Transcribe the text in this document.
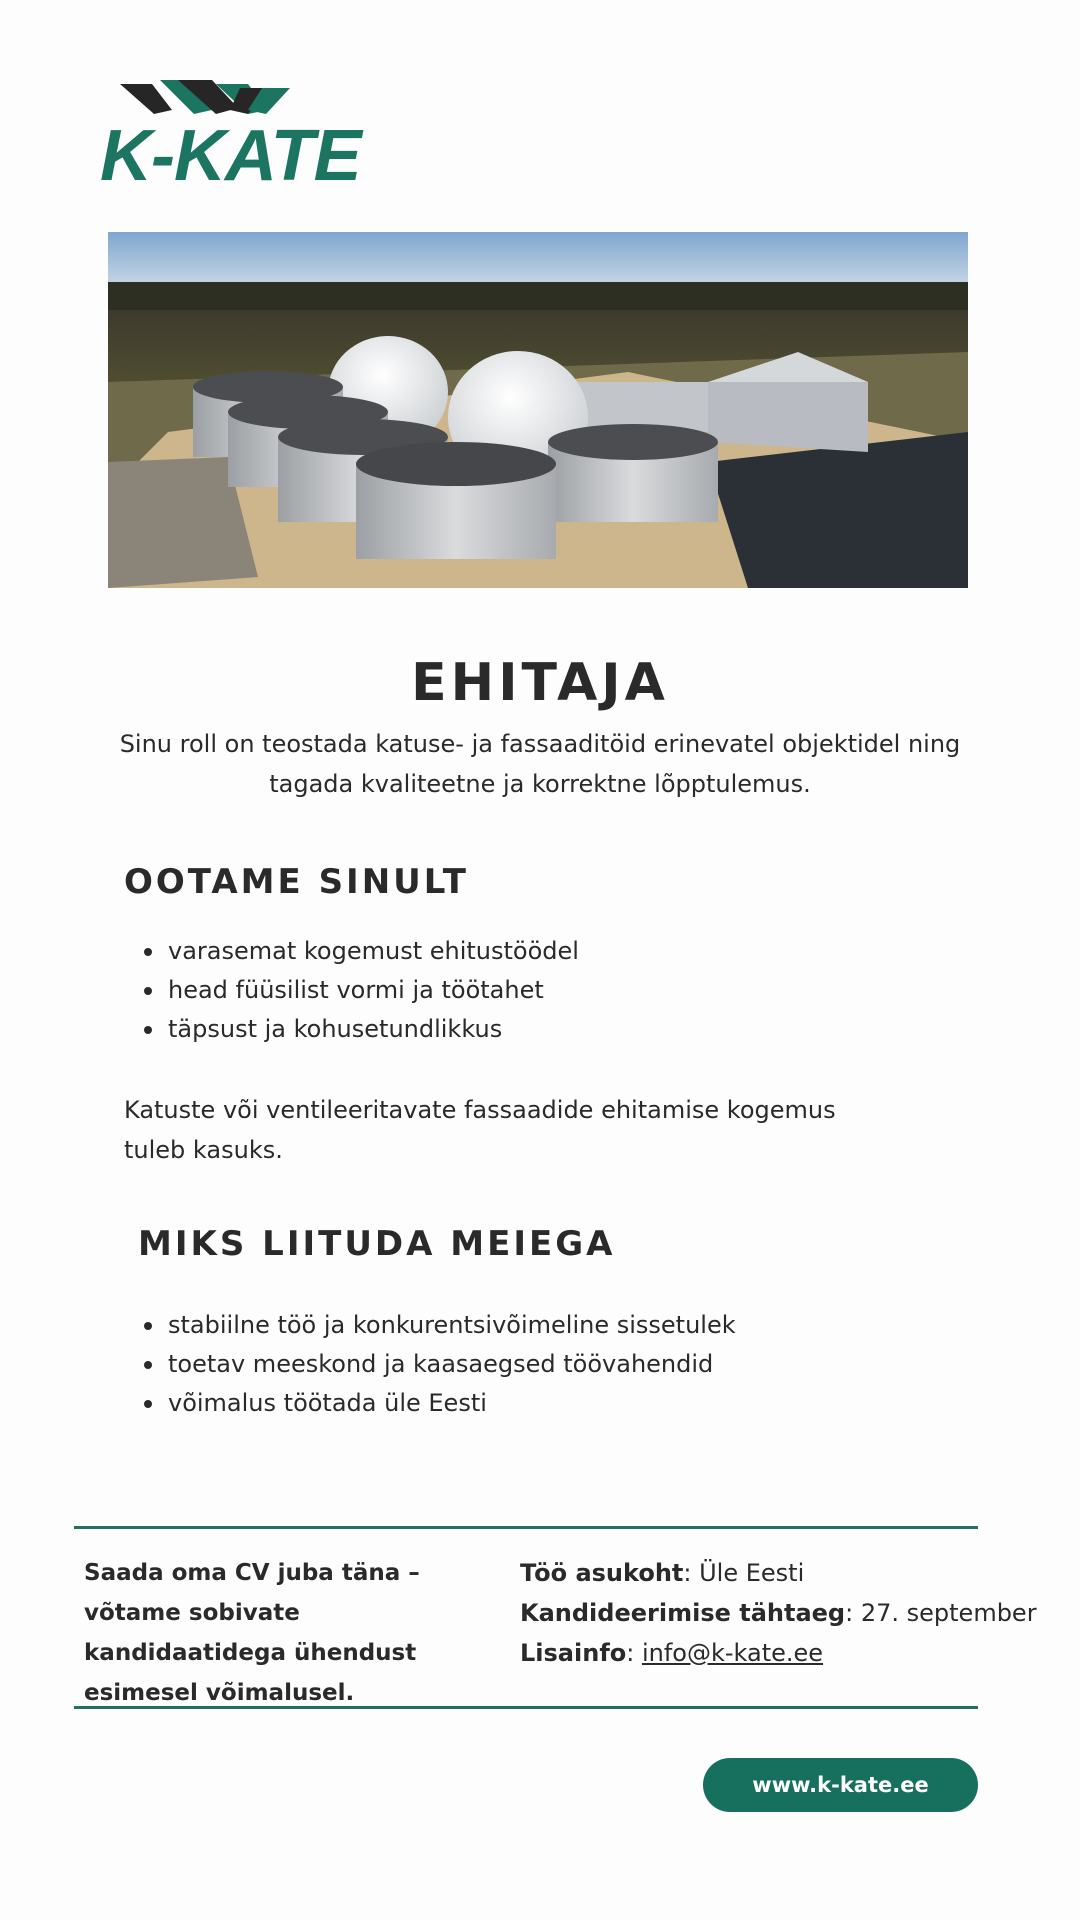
K-KATE
EHITAJA
Sinu roll on teostada katuse- ja fassaaditöid erinevatel objektidel ning tagada kvaliteetne ja korrektne lõpptulemus.
OOTAME SINULT
varasemat kogemust ehitustöödel
head füüsilist vormi ja töötahet
täpsust ja kohusetundlikkus
Katuste või ventileeritavate fassaadide ehitamise kogemus tuleb kasuks.
MIKS LIITUDA MEIEGA
stabiilne töö ja konkurentsivõimeline sissetulek
toetav meeskond ja kaasaegsed töövahendid
võimalus töötada üle Eesti
Saada oma CV juba täna – võtame sobivate kandidaatidega ühendust esimesel võimalusel.
Töö asukoht: Üle Eesti
Kandideerimise tähtaeg: 27. september
Lisainfo: info@k-kate.ee
www.k-kate.ee
